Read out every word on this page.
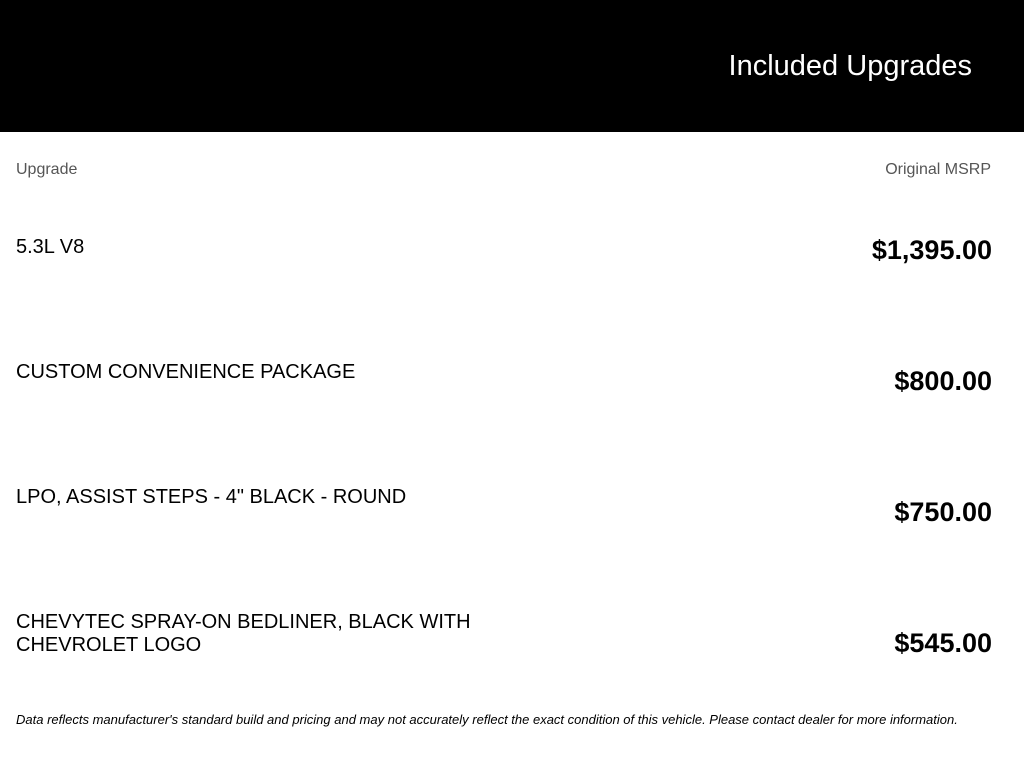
Included Upgrades
Upgrade	Original MSRP
5.3L V8	$1,395.00
CUSTOM CONVENIENCE PACKAGE	$800.00
LPO, ASSIST STEPS - 4" BLACK - ROUND	$750.00
CHEVYTEC SPRAY-ON BEDLINER, BLACK WITH CHEVROLET LOGO	$545.00
Data reflects manufacturer's standard build and pricing and may not accurately reflect the exact condition of this vehicle. Please contact dealer for more information.
